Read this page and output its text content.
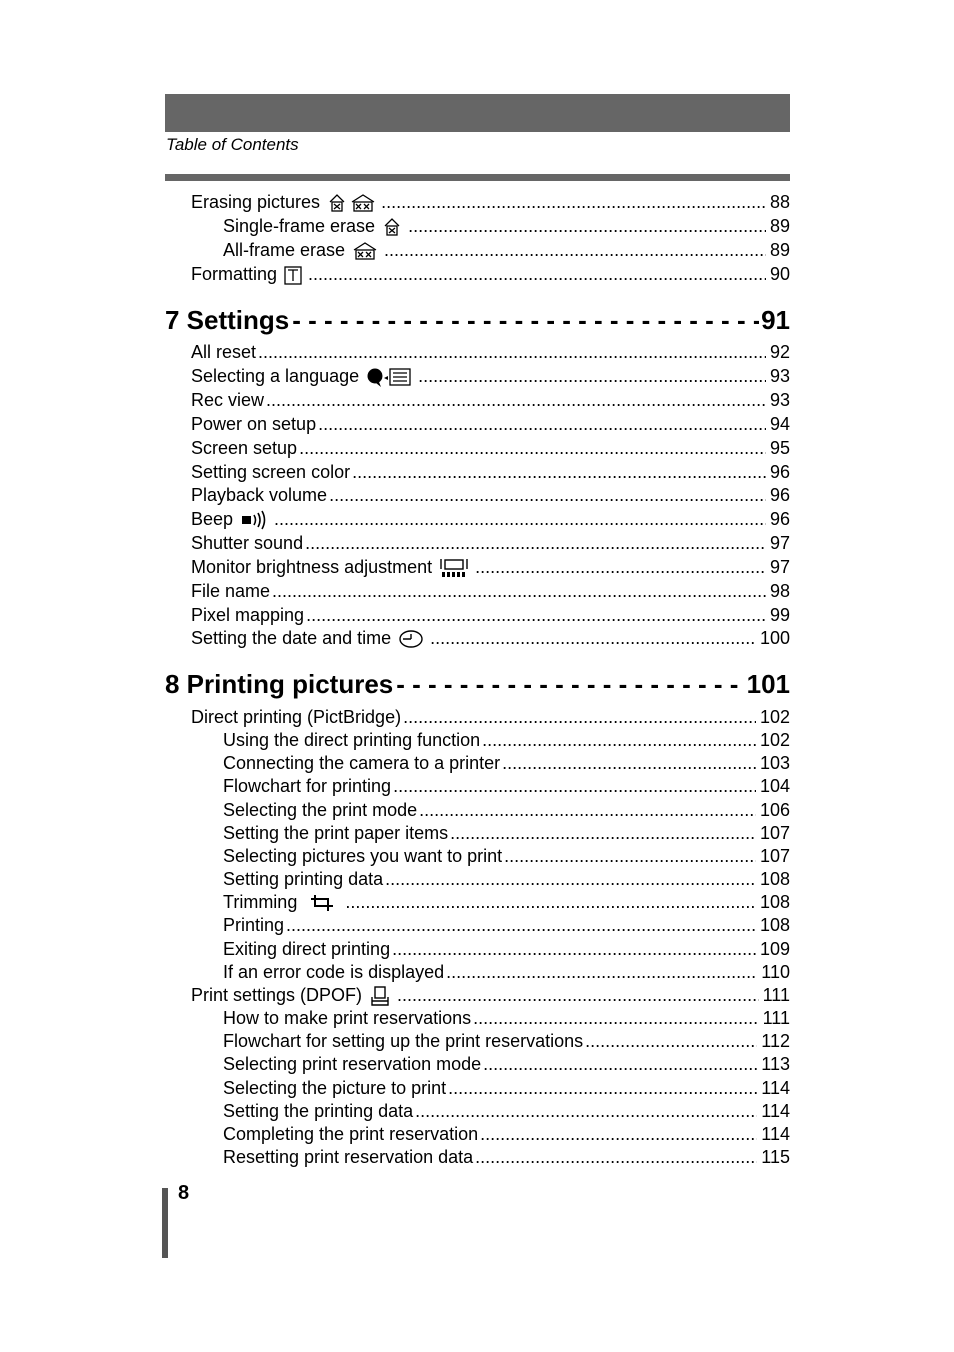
Table of Contents
Erasing pictures .....	88
Single-frame erase .....	89
All-frame erase .....	89
Formatting .....	90
7 Settings - - -	91
All reset .....	92
Selecting a language .....	93
Rec view .....	93
Power on setup .....	94
Screen setup .....	95
Setting screen color .....	96
Playback volume .....	96
Beep .....	96
Shutter sound .....	97
Monitor brightness adjustment .....	97
File name .....	98
Pixel mapping .....	99
Setting the date and time .....	100
8 Printing pictures - - -	101
Direct printing (PictBridge) .....	102
Using the direct printing function .....	102
Connecting the camera to a printer .....	103
Flowchart for printing .....	104
Selecting the print mode .....	106
Setting the print paper items .....	107
Selecting pictures you want to print .....	107
Setting printing data .....	108
Trimming .....	108
Printing .....	108
Exiting direct printing .....	109
If an error code is displayed .....	110
Print settings (DPOF) .....	111
How to make print reservations .....	111
Flowchart for setting up the print reservations .....	112
Selecting print reservation mode .....	113
Selecting the picture to print .....	114
Setting the printing data .....	114
Completing the print reservation .....	114
Resetting print reservation data .....	115
8
